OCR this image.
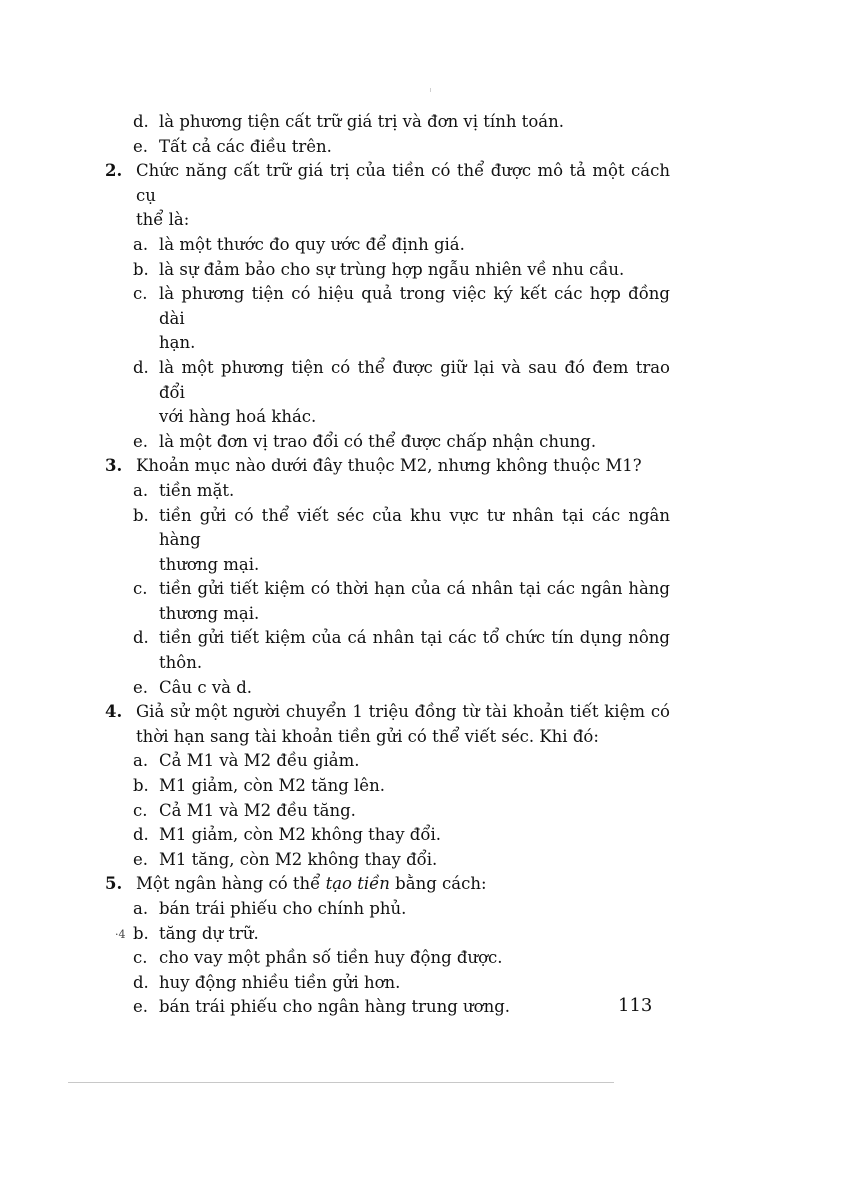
d. là phương tiện cất trữ giá trị và đơn vị tính toán.
e. Tất cả các điều trên.
2. Chức năng cất trữ giá trị của tiền có thể được mô tả một cách cụ
thể là:
a. là một thước đo quy ước để định giá.
b. là sự đảm bảo cho sự trùng hợp ngẫu nhiên về nhu cầu.
c. là phương tiện có hiệu quả trong việc ký kết các hợp đồng dài
hạn.
d. là một phương tiện có thể được giữ lại và sau đó đem trao đổi
với hàng hoá khác.
e. là một đơn vị trao đổi có thể được chấp nhận chung.
3. Khoản mục nào dưới đây thuộc M2, nhưng không thuộc M1?
a. tiền mặt.
b. tiền gửi có thể viết séc của khu vực tư nhân tại các ngân hàng
thương mại.
c. tiền gửi tiết kiệm có thời hạn của cá nhân tại các ngân hàng
thương mại.
d. tiền gửi tiết kiệm của cá nhân tại các tổ chức tín dụng nông
thôn.
e. Câu c và d.
4. Giả sử một người chuyển 1 triệu đồng từ tài khoản tiết kiệm có
thời hạn sang tài khoản tiền gửi có thể viết séc. Khi đó:
a. Cả M1 và M2 đều giảm.
b. M1 giảm, còn M2 tăng lên.
c. Cả M1 và M2 đều tăng.
d. M1 giảm, còn M2 không thay đổi.
e. M1 tăng, còn M2 không thay đổi.
5. Một ngân hàng có thể tạo tiền bằng cách:
a. bán trái phiếu cho chính phủ.
b. tăng dự trữ.
c. cho vay một phần số tiền huy động được.
d. huy động nhiều tiền gửi hơn.
e. bán trái phiếu cho ngân hàng trung ương.
·4
113
